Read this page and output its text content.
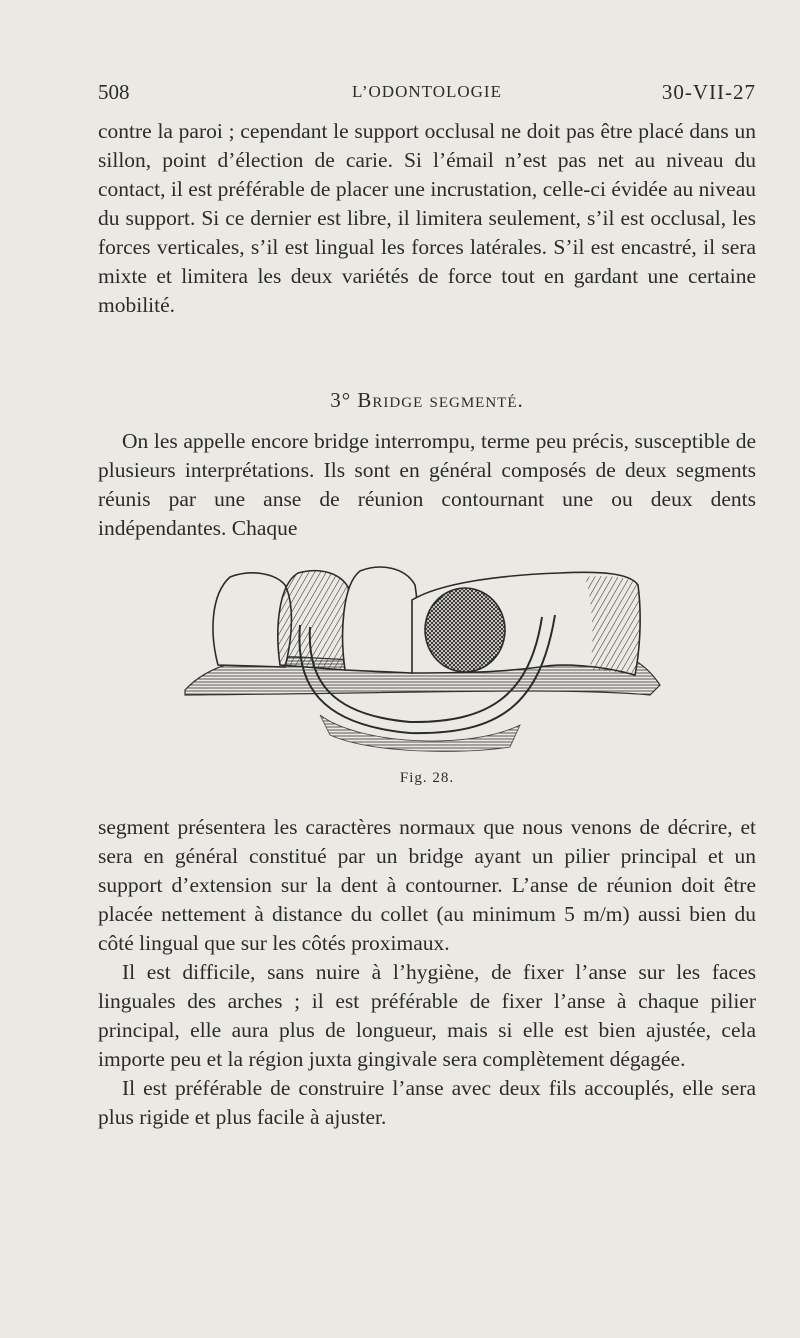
508	L’ODONTOLOGIE	30-VII-27

contre la paroi ; cependant le support occlusal ne doit pas être placé dans un sillon, point d’élection de carie. Si l’émail n’est pas net au niveau du contact, il est préférable de placer une incrustation, celle-ci évidée au niveau du support. Si ce dernier est libre, il limitera seulement, s’il est occlusal, les forces verticales, s’il est lingual les forces latérales. S’il est encastré, il sera mixte et limitera les deux variétés de force tout en gardant une certaine mobilité.

3° Bridge segmenté.

On les appelle encore bridge interrompu, terme peu précis, susceptible de plusieurs interprétations. Ils sont en général composés de deux segments réunis par une anse de réunion contournant une ou deux dents indépendantes. Chaque

Fig. 28.

segment présentera les caractères normaux que nous venons de décrire, et sera en général constitué par un bridge ayant un pilier principal et un support d’extension sur la dent à contourner. L’anse de réunion doit être placée nettement à distance du collet (au minimum 5 m/m) aussi bien du côté lingual que sur les côtés proximaux.

Il est difficile, sans nuire à l’hygiène, de fixer l’anse sur les faces linguales des arches ; il est préférable de fixer l’anse à chaque pilier principal, elle aura plus de longueur, mais si elle est bien ajustée, cela importe peu et la région juxta gingivale sera complètement dégagée.

Il est préférable de construire l’anse avec deux fils accouplés, elle sera plus rigide et plus facile à ajuster.
